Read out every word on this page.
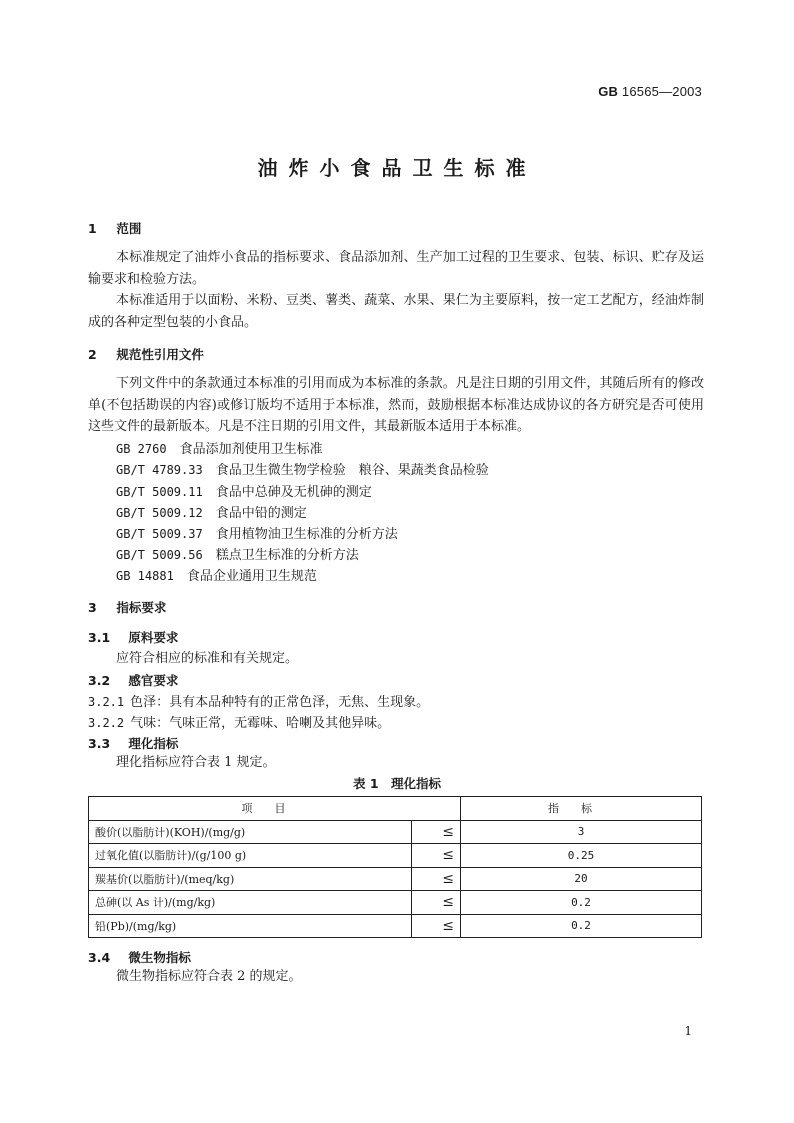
GB 16565—2003
油炸小食品卫生标准
1 范围
本标准规定了油炸小食品的指标要求、食品添加剂、生产加工过程的卫生要求、包装、标识、贮存及运输要求和检验方法。
本标准适用于以面粉、米粉、豆类、薯类、蔬菜、水果、果仁为主要原料，按一定工艺配方，经油炸制成的各种定型包装的小食品。
2 规范性引用文件
下列文件中的条款通过本标准的引用而成为本标准的条款。凡是注日期的引用文件，其随后所有的修改单(不包括勘误的内容)或修订版均不适用于本标准，然而，鼓励根据本标准达成协议的各方研究是否可使用这些文件的最新版本。凡是不注日期的引用文件，其最新版本适用于本标准。
GB 2760　 食品添加剂使用卫生标准
GB/T 4789.33　 食品卫生微生物学检验　粮谷、果蔬类食品检验
GB/T 5009.11　 食品中总砷及无机砷的测定
GB/T 5009.12　 食品中铅的测定
GB/T 5009.37　 食用植物油卫生标准的分析方法
GB/T 5009.56　 糕点卫生标准的分析方法
GB 14881　 食品企业通用卫生规范
3 指标要求
3.1 原料要求
应符合相应的标准和有关规定。
3.2 感官要求
3.2.1 色泽：具有本品种特有的正常色泽，无焦、生现象。
3.2.2 气味：气味正常，无霉味、哈喇及其他异味。
3.3 理化指标
理化指标应符合表 1 规定。
3.4 微生物指标
微生物指标应符合表 2 的规定。
表 1　理化指标
项目		指标
酸价(以脂肪计)(KOH)/(mg/g)	≤	3
过氧化值(以脂肪计)/(g/100 g)	≤	0.25
羰基价(以脂肪计)/(meq/kg)	≤	20
总砷(以 As 计)/(mg/kg)	≤	0.2
铅(Pb)/(mg/kg)	≤	0.2
1
